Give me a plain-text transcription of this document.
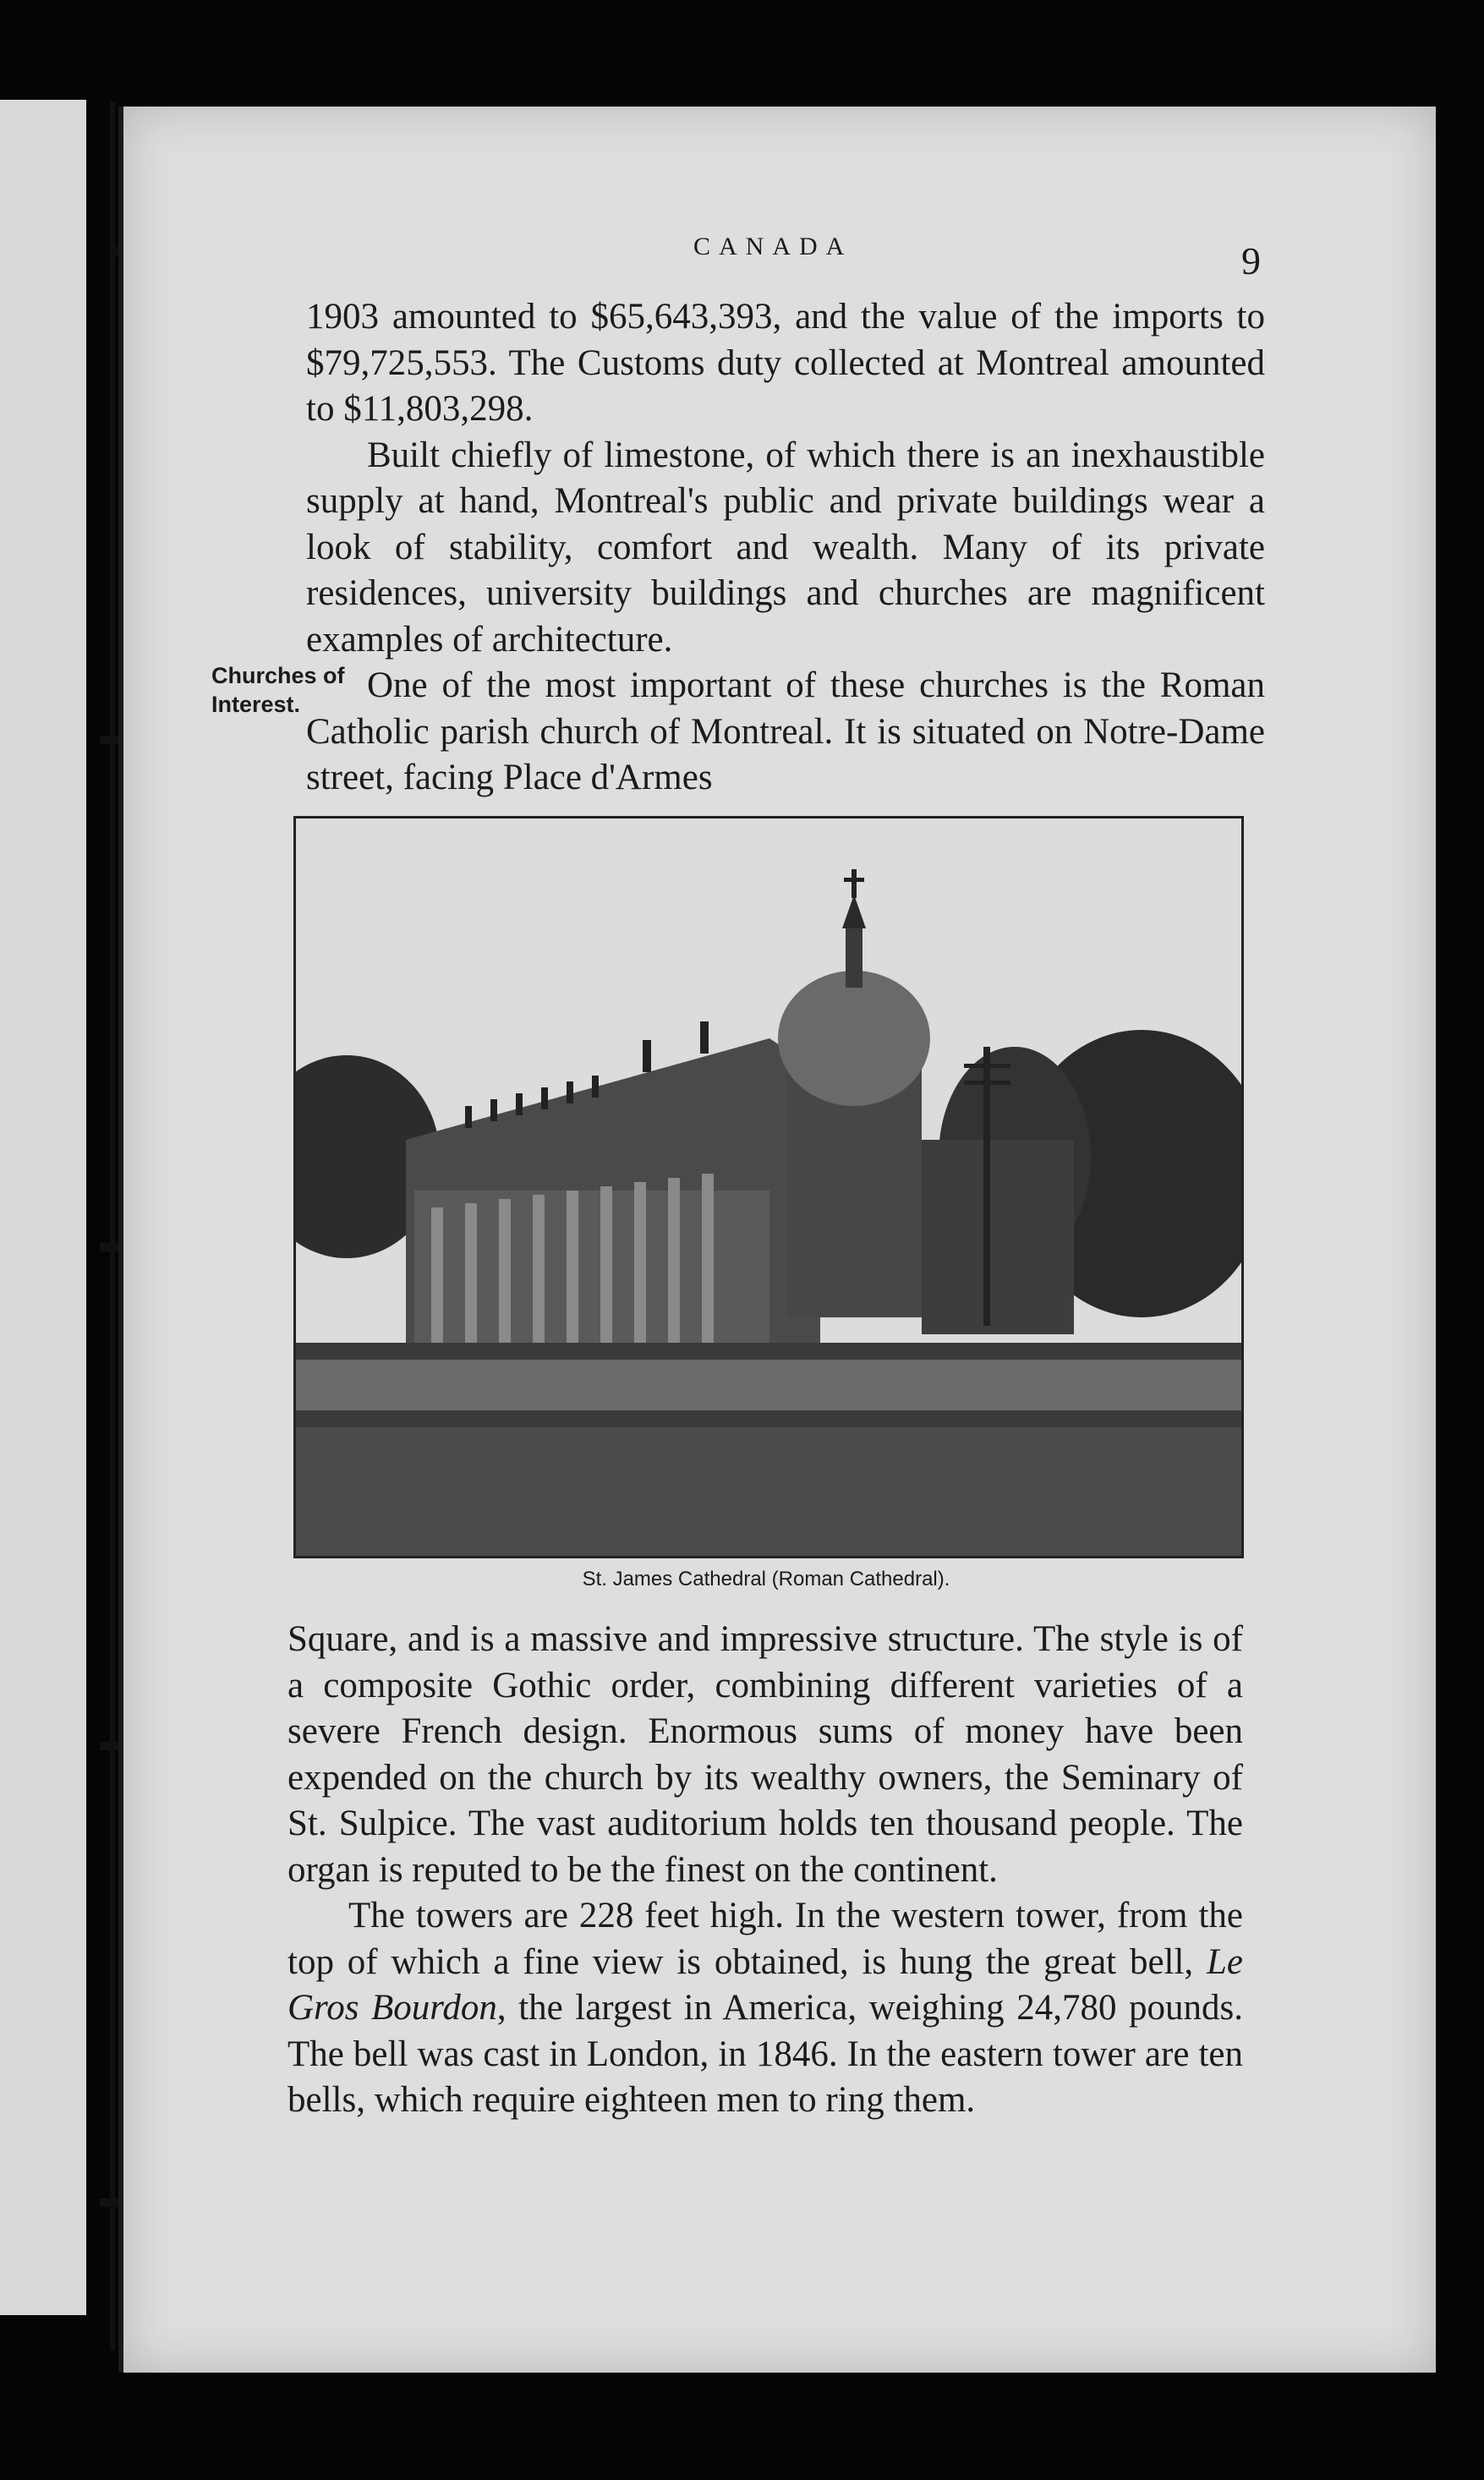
CANADA	9

1903 amounted to $65,643,393, and the value of the imports to $79,725,553. The Customs duty collected at Montreal amounted to $11,803,298.

Built chiefly of limestone, of which there is an inexhaustible supply at hand, Montreal's public and private buildings wear a look of stability, comfort and wealth. Many of its private residences, university buildings and churches are magnificent examples of architecture.

One of the most important of these churches is the Roman Catholic parish church of Montreal. It is situated on Notre-Dame street, facing Place d'Armes

Churches of
Interest.
St. James Cathedral (Roman Cathedral).

Square, and is a massive and impressive structure. The style is of a composite Gothic order, combining different varieties of a severe French design. Enormous sums of money have been expended on the church by its wealthy owners, the Seminary of St. Sulpice. The vast auditorium holds ten thousand people. The organ is reputed to be the finest on the continent.

The towers are 228 feet high. In the western tower, from the top of which a fine view is obtained, is hung the great bell, Le Gros Bourdon, the largest in America, weighing 24,780 pounds. The bell was cast in London, in 1846. In the eastern tower are ten bells, which require eighteen men to ring them.
